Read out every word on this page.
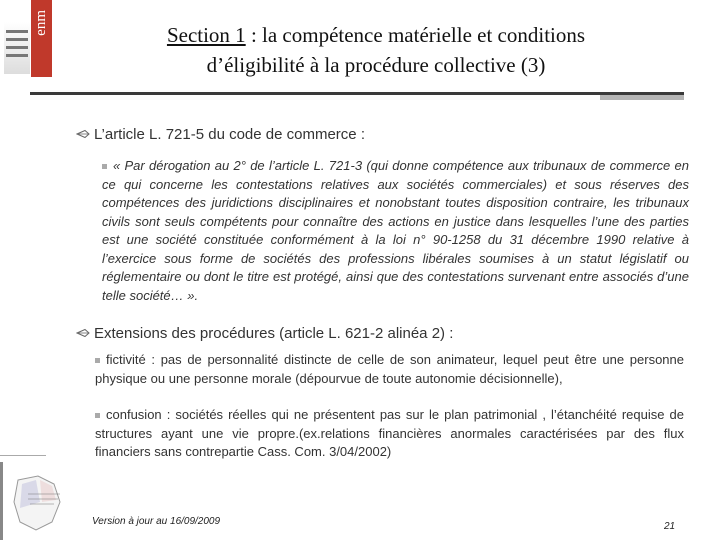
enm	Section 1 : la compétence matérielle et conditions
d’éligibilité à la procédure collective (3)
L’article L. 721-5 du code de commerce :
« Par dérogation au 2° de l’article L. 721-3 (qui donne compétence aux tribunaux de commerce en ce qui concerne les contestations relatives aux sociétés commerciales) et sous réserves des compétences des juridictions disciplinaires et nonobstant toutes disposition contraire, les tribunaux civils sont seuls compétents pour connaître des actions en justice dans lesquelles l’une des parties est une société constituée conformément à la loi n° 90-1258 du 31 décembre 1990 relative à l’exercice sous forme de sociétés des professions libérales soumises à un statut législatif ou réglementaire ou dont le titre est protégé, ainsi que des contestations survenant entre associés d’une telle société… ».
Extensions des procédures (article L. 621-2 alinéa 2) :
fictivité : pas de personnalité distincte de celle de son animateur, lequel peut être une personne physique ou une personne morale (dépourvue de toute autonomie décisionnelle),
confusion : sociétés réelles qui ne présentent pas sur le plan patrimonial , l’étanchéité requise de structures ayant une vie propre.(ex.relations financières anormales caractérisées par des flux financiers sans contrepartie Cass. Com. 3/04/2002)
Version à jour au 16/09/2009	21
